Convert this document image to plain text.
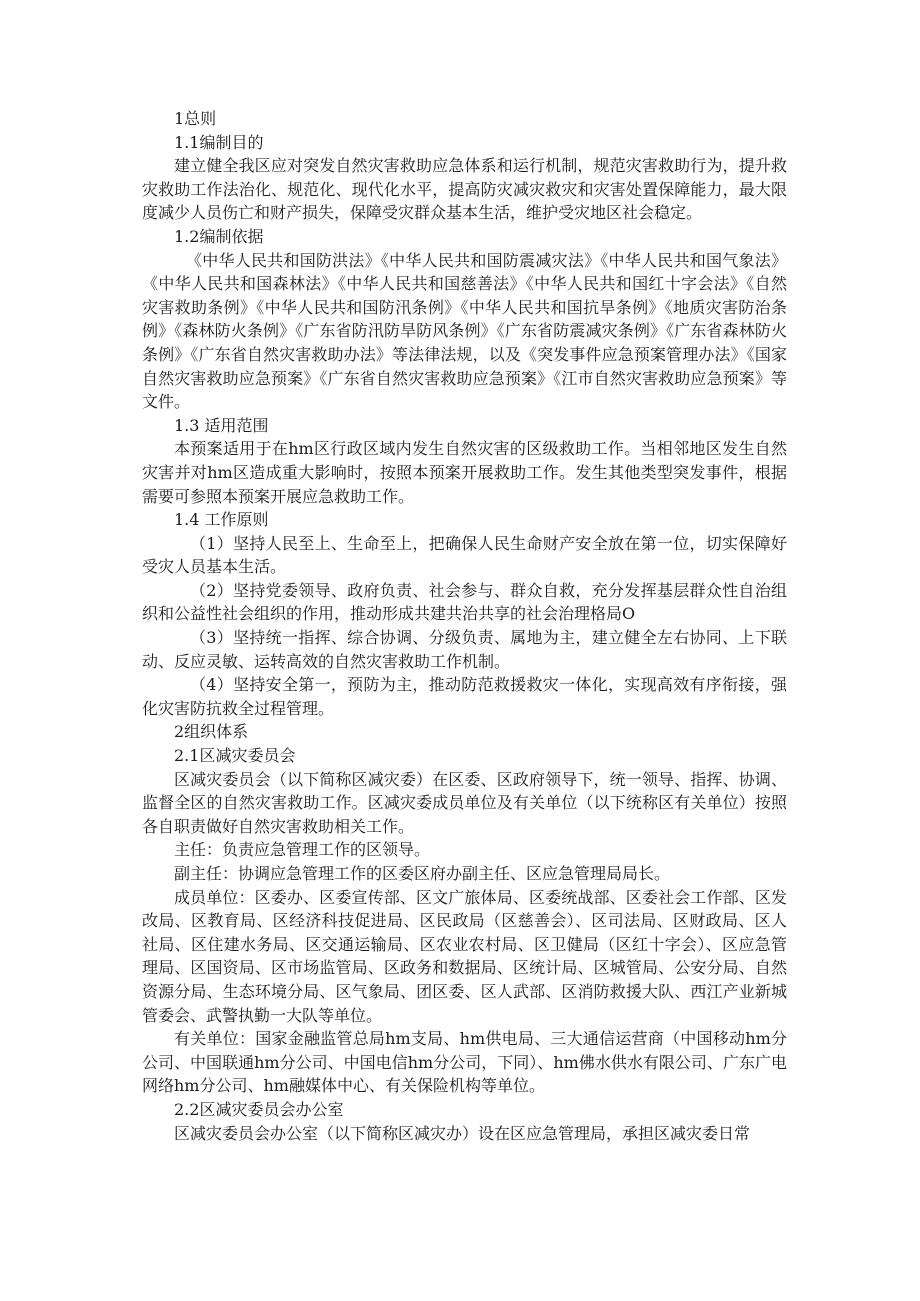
1总则

1.1编制目的

建立健全我区应对突发自然灾害救助应急体系和运行机制，规范灾害救助行为，提升救灾救助工作法治化、规范化、现代化水平，提高防灾减灾救灾和灾害处置保障能力，最大限度减少人员伤亡和财产损失，保障受灾群众基本生活，维护受灾地区社会稳定。

1.2编制依据

《中华人民共和国防洪法》《中华人民共和国防震减灾法》《中华人民共和国气象法》《中华人民共和国森林法》《中华人民共和国慈善法》《中华人民共和国红十字会法》《自然灾害救助条例》《中华人民共和国防汛条例》《中华人民共和国抗旱条例》《地质灾害防治条例》《森林防火条例》《广东省防汛防旱防风条例》《广东省防震减灾条例》《广东省森林防火条例》《广东省自然灾害救助办法》等法律法规，以及《突发事件应急预案管理办法》《国家自然灾害救助应急预案》《广东省自然灾害救助应急预案》《江市自然灾害救助应急预案》等文件。

1.3 适用范围

本预案适用于在hm区行政区域内发生自然灾害的区级救助工作。当相邻地区发生自然灾害并对hm区造成重大影响时，按照本预案开展救助工作。发生其他类型突发事件，根据需要可参照本预案开展应急救助工作。

1.4 工作原则

（1）坚持人民至上、生命至上，把确保人民生命财产安全放在第一位，切实保障好受灾人员基本生活。

（2）坚持党委领导、政府负责、社会参与、群众自救，充分发挥基层群众性自治组织和公益性社会组织的作用，推动形成共建共治共享的社会治理格局O

（3）坚持统一指挥、综合协调、分级负责、属地为主，建立健全左右协同、上下联动、反应灵敏、运转高效的自然灾害救助工作机制。

（4）坚持安全第一，预防为主，推动防范救援救灾一体化，实现高效有序衔接，强化灾害防抗救全过程管理。

2组织体系

2.1区减灾委员会

区减灾委员会（以下简称区减灾委）在区委、区政府领导下，统一领导、指挥、协调、监督全区的自然灾害救助工作。区减灾委成员单位及有关单位（以下统称区有关单位）按照各自职责做好自然灾害救助相关工作。

主任：负责应急管理工作的区领导。

副主任：协调应急管理工作的区委区府办副主任、区应急管理局局长。

成员单位：区委办、区委宣传部、区文广旅体局、区委统战部、区委社会工作部、区发改局、区教育局、区经济科技促进局、区民政局（区慈善会）、区司法局、区财政局、区人社局、区住建水务局、区交通运输局、区农业农村局、区卫健局（区红十字会）、区应急管理局、区国资局、区市场监管局、区政务和数据局、区统计局、区城管局、公安分局、自然资源分局、生态环境分局、区气象局、团区委、区人武部、区消防救援大队、西江产业新城管委会、武警执勤一大队等单位。

有关单位：国家金融监管总局hm支局、hm供电局、三大通信运营商（中国移动hm分公司、中国联通hm分公司、中国电信hm分公司，下同）、hm佛水供水有限公司、广东广电网络hm分公司、hm融媒体中心、有关保险机构等单位。

2.2区减灾委员会办公室

区减灾委员会办公室（以下简称区减灾办）设在区应急管理局，承担区减灾委日常
